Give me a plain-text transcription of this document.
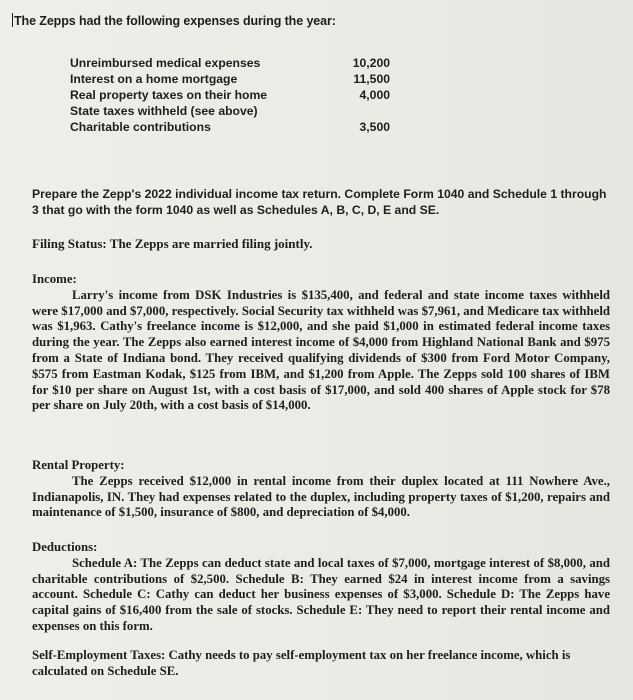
The Zepps had the following expenses during the year:
Unreimbursed medical expenses	10,200
Interest on a home mortgage	11,500
Real property taxes on their home	4,000
State taxes withheld (see above)
Charitable contributions	3,500
Prepare the Zepp's 2022 individual income tax return. Complete Form 1040 and Schedule 1 through 3 that go with the form 1040 as well as Schedules A, B, C, D, E and SE.
Filing Status: The Zepps are married filing jointly.
Income:
Larry's income from DSK Industries is $135,400, and federal and state income taxes withheld were $17,000 and $7,000, respectively. Social Security tax withheld was $7,961, and Medicare tax withheld was $1,963. Cathy's freelance income is $12,000, and she paid $1,000 in estimated federal income taxes during the year. The Zepps also earned interest income of $4,000 from Highland National Bank and $975 from a State of Indiana bond. They received qualifying dividends of $300 from Ford Motor Company, $575 from Eastman Kodak, $125 from IBM, and $1,200 from Apple. The Zepps sold 100 shares of IBM for $10 per share on August 1st, with a cost basis of $17,000, and sold 400 shares of Apple stock for $78 per share on July 20th, with a cost basis of $14,000.
Rental Property:
The Zepps received $12,000 in rental income from their duplex located at 111 Nowhere Ave., Indianapolis, IN. They had expenses related to the duplex, including property taxes of $1,200, repairs and maintenance of $1,500, insurance of $800, and depreciation of $4,000.
Deductions:
Schedule A: The Zepps can deduct state and local taxes of $7,000, mortgage interest of $8,000, and charitable contributions of $2,500. Schedule B: They earned $24 in interest income from a savings account. Schedule C: Cathy can deduct her business expenses of $3,000. Schedule D: The Zepps have capital gains of $16,400 from the sale of stocks. Schedule E: They need to report their rental income and expenses on this form.
Self-Employment Taxes: Cathy needs to pay self-employment tax on her freelance income, which is calculated on Schedule SE.
